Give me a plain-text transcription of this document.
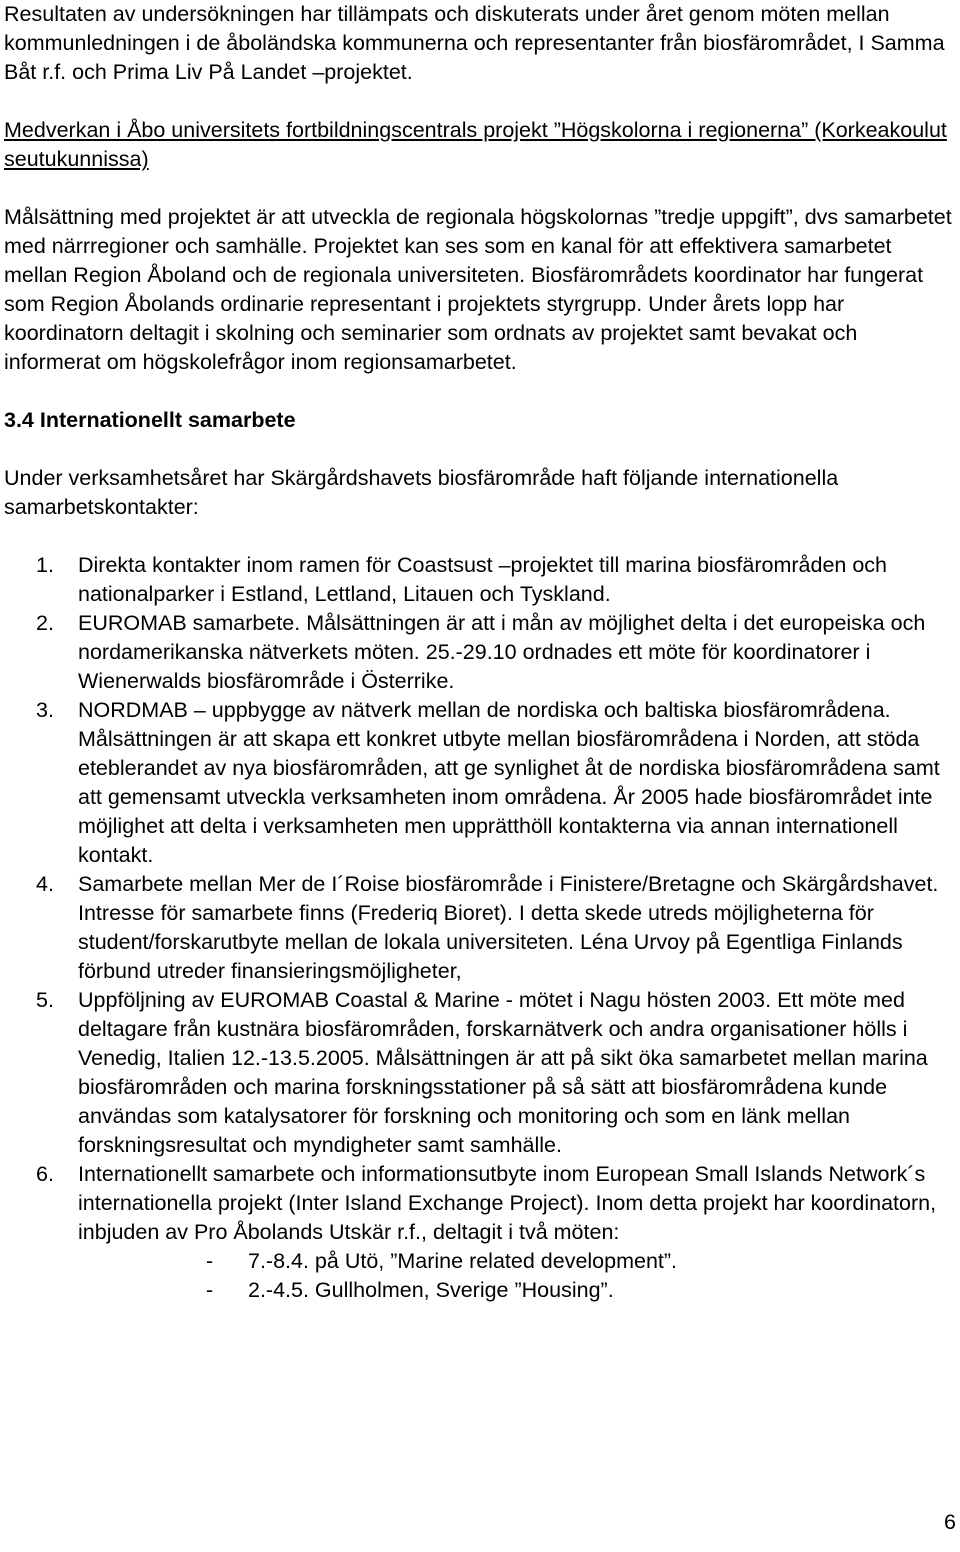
Resultaten av undersökningen har tillämpats och diskuterats under året genom möten mellan kommunledningen i de åboländska kommunerna och representanter från biosfärområdet, I Samma Båt r.f. och Prima Liv På Landet –projektet.

Medverkan i Åbo universitets fortbildningscentrals projekt ”Högskolorna i regionerna” (Korkeakoulut seutukunnissa)

Målsättning med projektet är att utveckla de regionala högskolornas ”tredje uppgift”, dvs samarbetet med närrregioner och samhälle. Projektet kan ses som en kanal för att effektivera samarbetet mellan Region Åboland och de regionala universiteten. Biosfärområdets koordinator har fungerat som Region Åbolands ordinarie representant i projektets styrgrupp. Under årets lopp har koordinatorn deltagit i skolning och seminarier som ordnats av projektet samt bevakat och informerat om högskolefrågor inom regionsamarbetet.

3.4 Internationellt samarbete

Under verksamhetsåret har Skärgårdshavets biosfärområde haft följande internationella samarbetskontakter:

1. Direkta kontakter inom ramen för Coastsust –projektet till marina biosfärområden och nationalparker i Estland, Lettland, Litauen och Tyskland.
2. EUROMAB samarbete. Målsättningen är att i mån av möjlighet delta i det europeiska och nordamerikanska nätverkets möten. 25.-29.10 ordnades ett möte för koordinatorer i Wienerwalds biosfärområde i Österrike.
3. NORDMAB – uppbygge av nätverk mellan de nordiska och baltiska biosfärområdena. Målsättningen är att skapa ett konkret utbyte mellan biosfärområdena i Norden, att stöda eteblerandet av nya biosfärområden, att ge synlighet åt de nordiska biosfärområdena samt att gemensamt utveckla verksamheten inom områdena. År 2005 hade biosfärområdet inte möjlighet att delta i verksamheten men upprätthöll kontakterna via annan internationell kontakt.
4. Samarbete mellan Mer de I´Roise biosfärområde i Finistere/Bretagne och Skärgårdshavet. Intresse för samarbete finns (Frederiq Bioret). I detta skede utreds möjligheterna för student/forskarutbyte mellan de lokala universiteten. Léna Urvoy på Egentliga Finlands förbund utreder finansieringsmöjligheter,
5. Uppföljning av EUROMAB Coastal & Marine - mötet i Nagu hösten 2003. Ett möte med deltagare från kustnära biosfärområden, forskarnätverk och andra organisationer hölls i Venedig, Italien 12.-13.5.2005. Målsättningen är att på sikt öka samarbetet mellan marina biosfärområden och marina forskningsstationer på så sätt att biosfärområdena kunde användas som katalysatorer för forskning och monitoring och som en länk mellan forskningsresultat och myndigheter samt samhälle.
6. Internationellt samarbete och informationsutbyte inom European Small Islands Network´s internationella projekt (Inter Island Exchange Project). Inom detta projekt har koordinatorn, inbjuden av Pro Åbolands Utskär r.f., deltagit i två möten:
- 7.-8.4. på Utö, ”Marine related development”.
- 2.-4.5. Gullholmen, Sverige ”Housing”.
6
